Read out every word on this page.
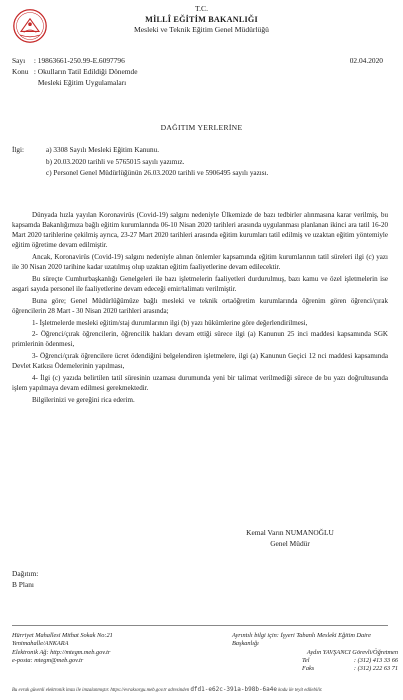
T.C.
MİLLÎ EĞİTİM BAKANLIĞI
Mesleki ve Teknik Eğitim Genel Müdürlüğü
Sayı : 19863661-250.99-E.6097796	02.04.2020
Konu : Okulların Tatil Edildiği Dönemde
Mesleki Eğitim Uygulamaları
DAĞITIM YERLERİNE
İlgi:	a) 3308 Sayılı Mesleki Eğitim Kanunu.
b) 20.03.2020 tarihli ve 5765015 sayılı yazımız.
c) Personel Genel Müdürlüğünün 26.03.2020 tarihli ve 5906495 sayılı yazısı.

Dünyada hızla yayılan Koronavirüs (Covid-19) salgını nedeniyle Ülkemizde de bazı tedbirler alınmasına karar verilmiş, bu kapsamda Bakanlığımıza bağlı eğitim kurumlarında 06-10 Nisan 2020 tarihleri arasında uygulanması planlanan ikinci ara tatil 16-20 Mart 2020 tarihlerine çekilmiş ayrıca, 23-27 Mart 2020 tarihleri arasında eğitim kurumları tatil edilmiş ve uzaktan eğitim yöntemiyle eğitim öğretime devam edilmiştir.

Ancak, Koronavirüs (Covid-19) salgını nedeniyle alınan önlemler kapsamında eğitim kurumlarının tatil süreleri ilgi (c) yazı ile 30 Nisan 2020 tarihine kadar uzatılmış olup uzaktan eğitim faaliyetlerine devam edilecektir.

Bu süreçte Cumhurbaşkanlığı Genelgeleri ile bazı işletmelerin faaliyetleri durdurulmuş, bazı kamu ve özel işletmelerin ise asgari sayıda personel ile faaliyetlerine devam edeceği emir/talimatı verilmiştir.

Buna göre; Genel Müdürlüğümüze bağlı mesleki ve teknik ortaöğretim kurumlarında öğrenim gören öğrenci/çırak öğrencilerin 28 Mart - 30 Nisan 2020 tarihleri arasında;

1- İşletmelerde mesleki eğitim/staj durumlarının ilgi (b) yazı hükümlerine göre değerlendirilmesi,

2- Öğrenci/çırak öğrencilerin, öğrencilik hakları devam ettiği sürece ilgi (a) Kanunun 25 inci maddesi kapsamında SGK primlerinin ödenmesi,

3- Öğrenci/çırak öğrencilere ücret ödendiğini belgelendiren işletmelere, ilgi (a) Kanunun Geçici 12 nci maddesi kapsamında Devlet Katkısı Ödemelerinin yapılması,

4- İlgi (c) yazıda belirtilen tatil süresinin uzaması durumunda yeni bir talimat verilmediği sürece de bu yazı doğrultusunda işlem yapılmaya devam edilmesi gerekmektedir.

Bilgilerinizi ve gereğini rica ederim.

Kemal Varın NUMANOĞLU
Genel Müdür
Dağıtım:
B Planı
Hürriyet Mahallesi Mithat Sokak No:21
Yenimahalle/ANKARA
Elektronik Ağ: http://mtegm.meb.gov.tr
e-posta: mtegm@meb.gov.tr
Ayrıntılı bilgi için: İşyeri Tabanlı Mesleki Eğitim Daire Başkanlığı
Aydın YAVŞANCI Görevli/Öğretmen
Tel	: (312) 413 33 66
Faks	: (312) 222 63 71
Bu evrak güvenli elektronik imza ile imzalanmıştır. https://evraksorgu.meb.gov.tr adresinden dfd1-e62c-391a-b98b-6a4e kodu ile teyit edilebilir.
